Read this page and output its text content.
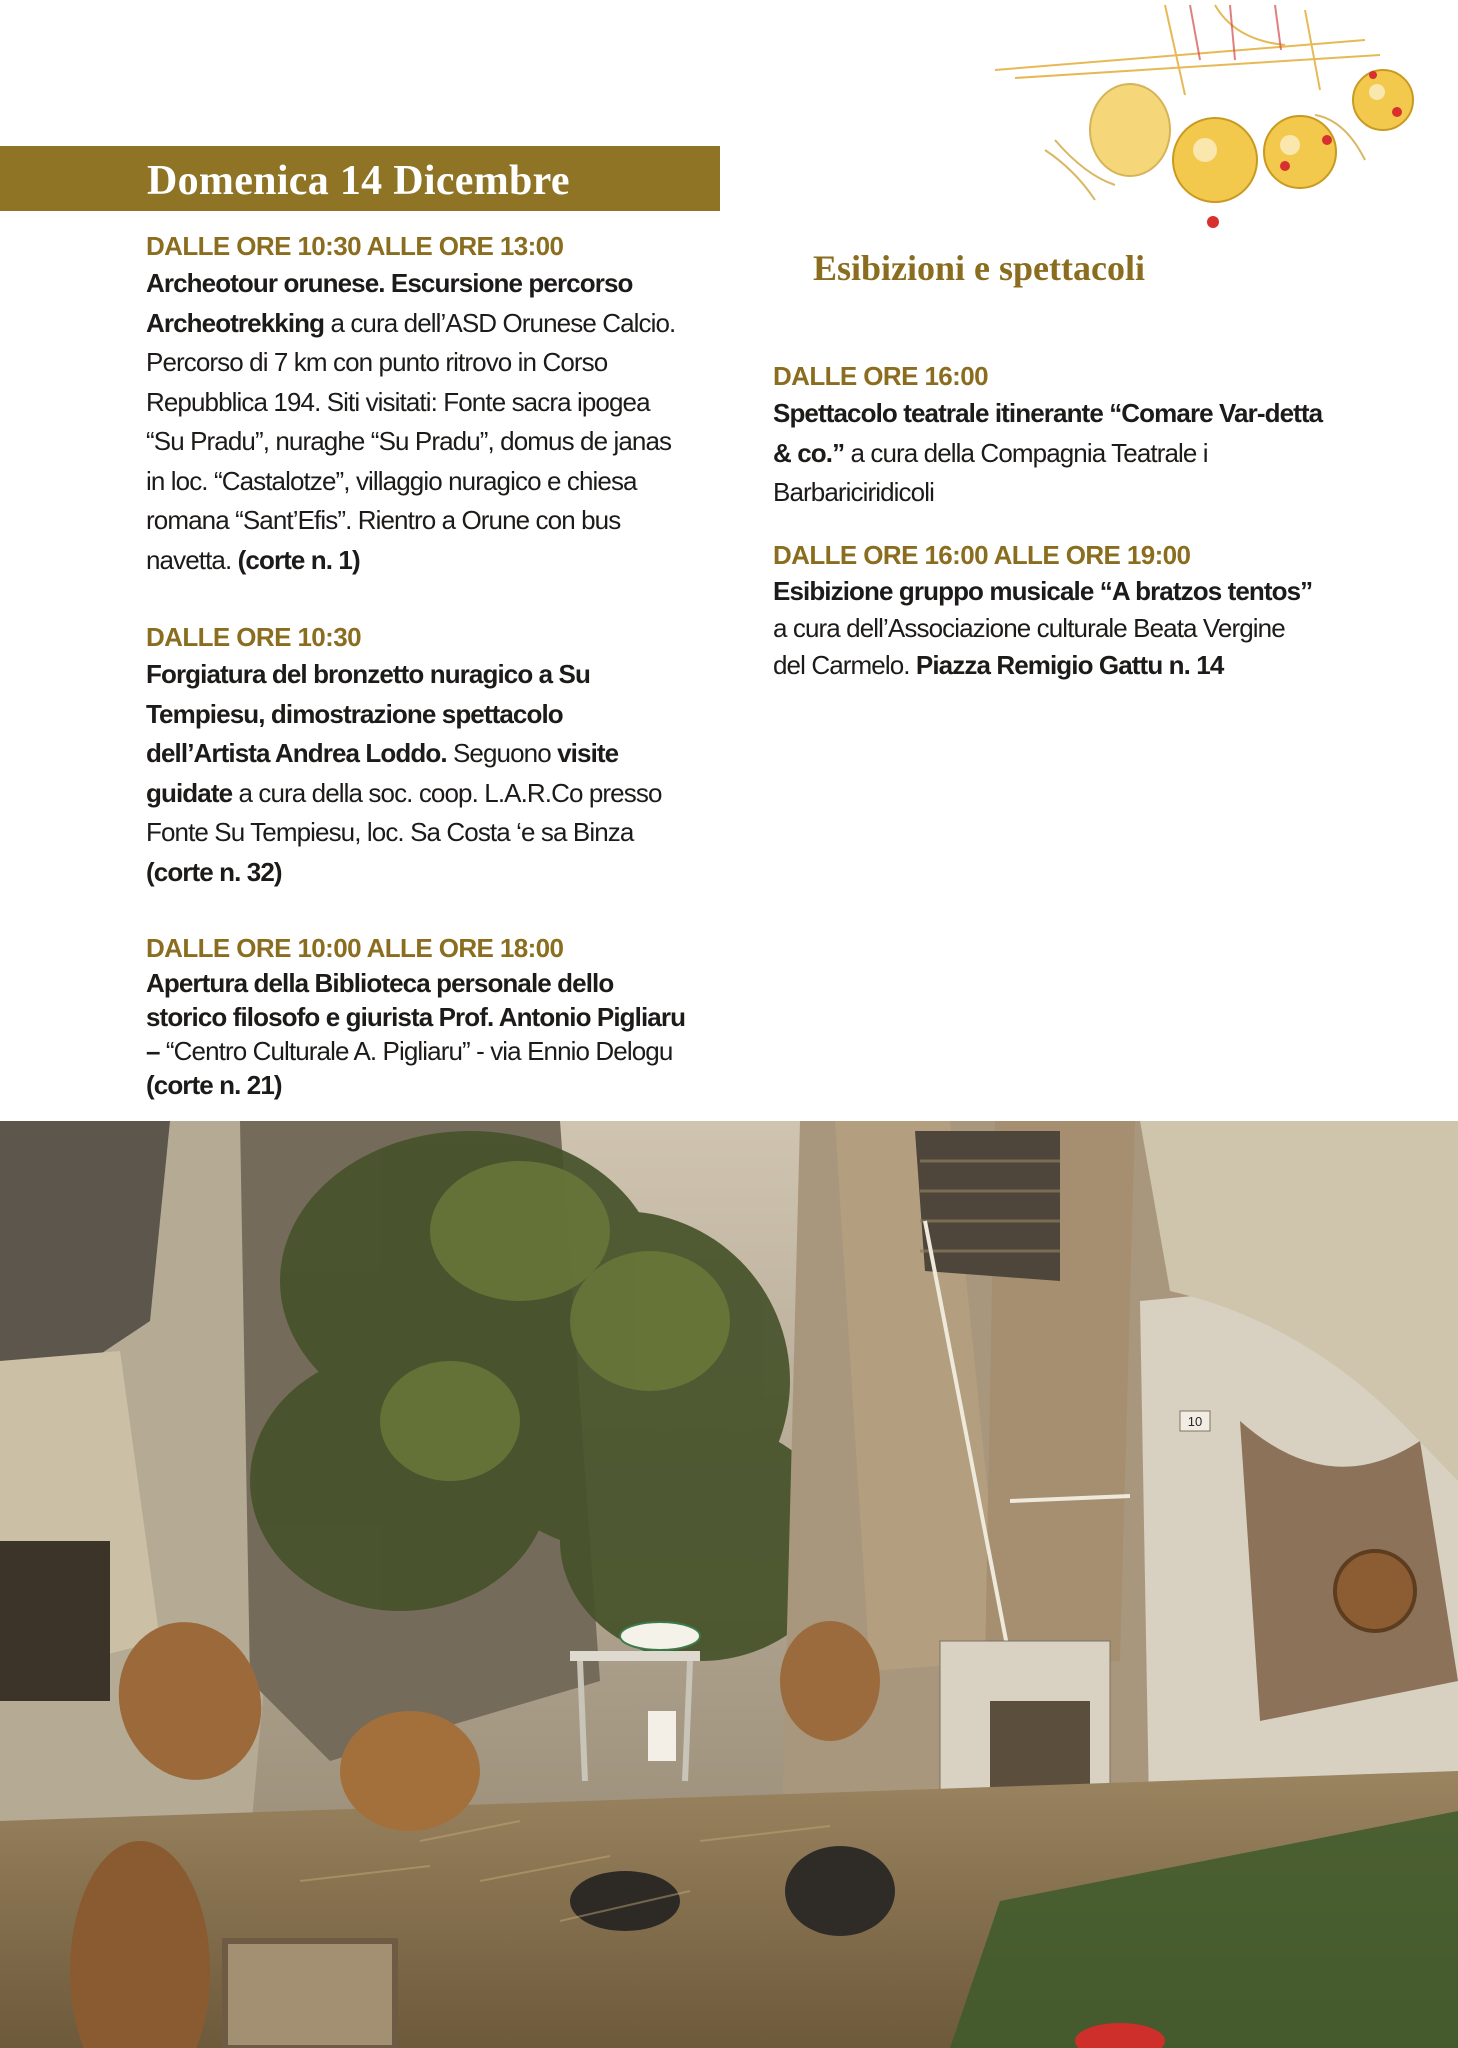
Domenica 14 Dicembre
Esibizioni e spettacoli
DALLE ORE 10:30 ALLE ORE 13:00
Archeotour orunese. Escursione percorso Archeotrekking a cura dell’ASD Orunese Calcio. Percorso di 7 km con punto ritrovo in Corso Repubblica 194. Siti visitati: Fonte sacra ipogea “Su Pradu”, nuraghe “Su Pradu”, domus de janas in loc. “Castalotze”, villaggio nuragico e chiesa romana “Sant’Efis”. Rientro a Orune con bus navetta. (corte n. 1)
DALLE ORE 10:30
Forgiatura del bronzetto nuragico a Su Tempiesu, dimostrazione spettacolo dell’Artista Andrea Loddo. Seguono visite guidate a cura della soc. coop. L.A.R.Co presso Fonte Su Tempiesu, loc. Sa Costa ‘e sa Binza (corte n. 32)
DALLE ORE 10:00 ALLE ORE 18:00
Apertura della Biblioteca personale dello storico filosofo e giurista Prof. Antonio Pigliaru – “Centro Culturale A. Pigliaru” - via Ennio Delogu (corte n. 21)
DALLE ORE 16:00
Spettacolo teatrale itinerante “Comare Var-detta & co.” a cura della Compagnia Teatrale i Barbariciridicoli
DALLE ORE 16:00 ALLE ORE 19:00
Esibizione gruppo musicale “A bratzos tentos” a cura dell’Associazione culturale Beata Vergine del Carmelo. Piazza Remigio Gattu n. 14
10
